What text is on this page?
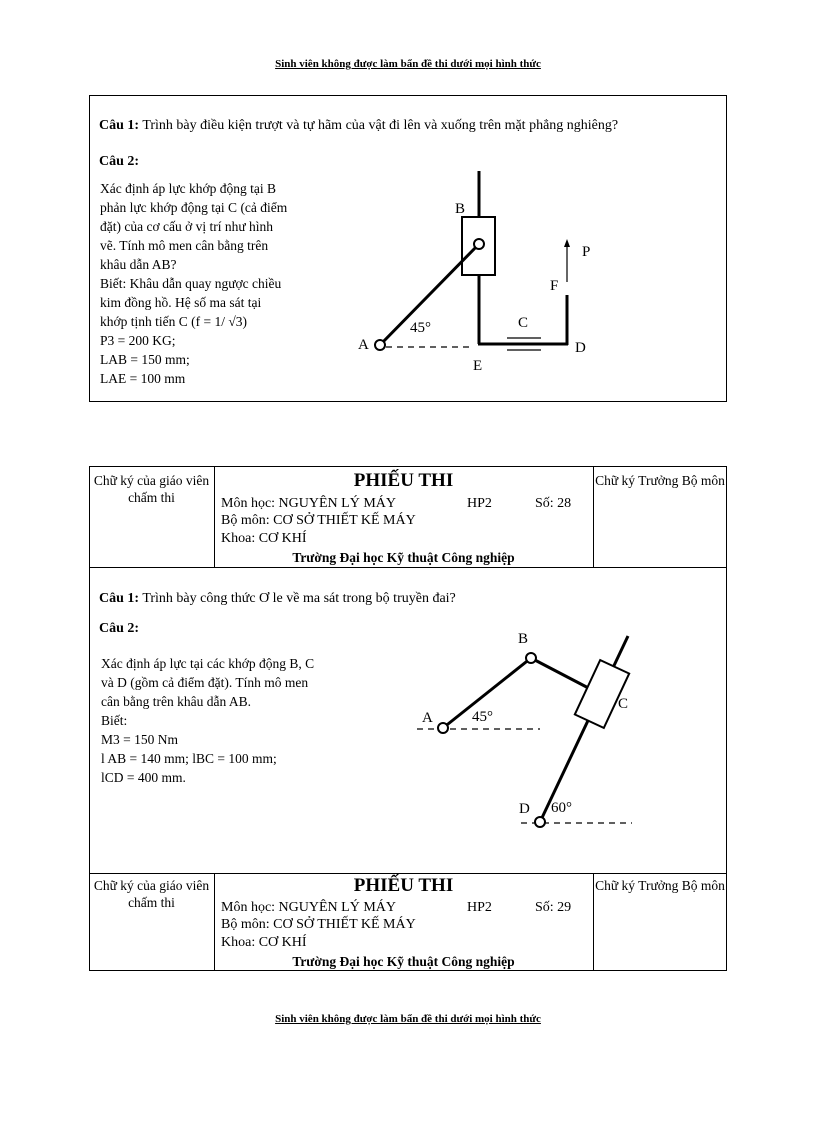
Sinh viên không được làm bẩn đề thi dưới mọi hình thức
Câu 1: Trình bày điều kiện trượt và tự hãm của vật đi lên và xuống trên mặt phẳng nghiêng?
Câu 2:
Xác định áp lực khớp động tại B
phản lực khớp động tại C (cả điểm
đặt) của cơ cấu ở vị trí như hình
vẽ. Tính mô men cân bằng trên
khâu dẫn AB?
Biết: Khâu dẫn quay ngược chiều
kim đồng hồ. Hệ số ma sát tại
khớp tịnh tiến C (f = 1/ √3)
P3 = 200 KG;
LAB = 150 mm;
LAE = 100 mm
B
A
E
C
D
F
P
45°
Chữ ký của giáo viên chấm thi
PHIẾU THI
Môn học: NGUYÊN LÝ MÁY	HP2	Số: 28
Bộ môn: CƠ SỞ THIẾT KẾ MÁY
Khoa: CƠ KHÍ
Trường Đại học Kỹ thuật Công nghiệp
Chữ ký Trưởng Bộ môn
Câu 1: Trình bày công thức Ơ le về ma sát trong bộ truyền đai?
Câu 2:
Xác định áp lực tại các khớp động B, C
và D (gồm cả điểm đặt). Tính mô men
cân bằng trên khâu dẫn AB.
Biết:
M3 = 150 Nm
l AB = 140 mm; lBC = 100 mm;
lCD = 400 mm.
B
A
C
D
45°
60°
Chữ ký của giáo viên chấm thi
PHIẾU THI
Môn học: NGUYÊN LÝ MÁY	HP2	Số: 29
Bộ môn: CƠ SỞ THIẾT KẾ MÁY
Khoa: CƠ KHÍ
Trường Đại học Kỹ thuật Công nghiệp
Chữ ký Trưởng Bộ môn
Sinh viên không được làm bẩn đề thi dưới mọi hình thức
